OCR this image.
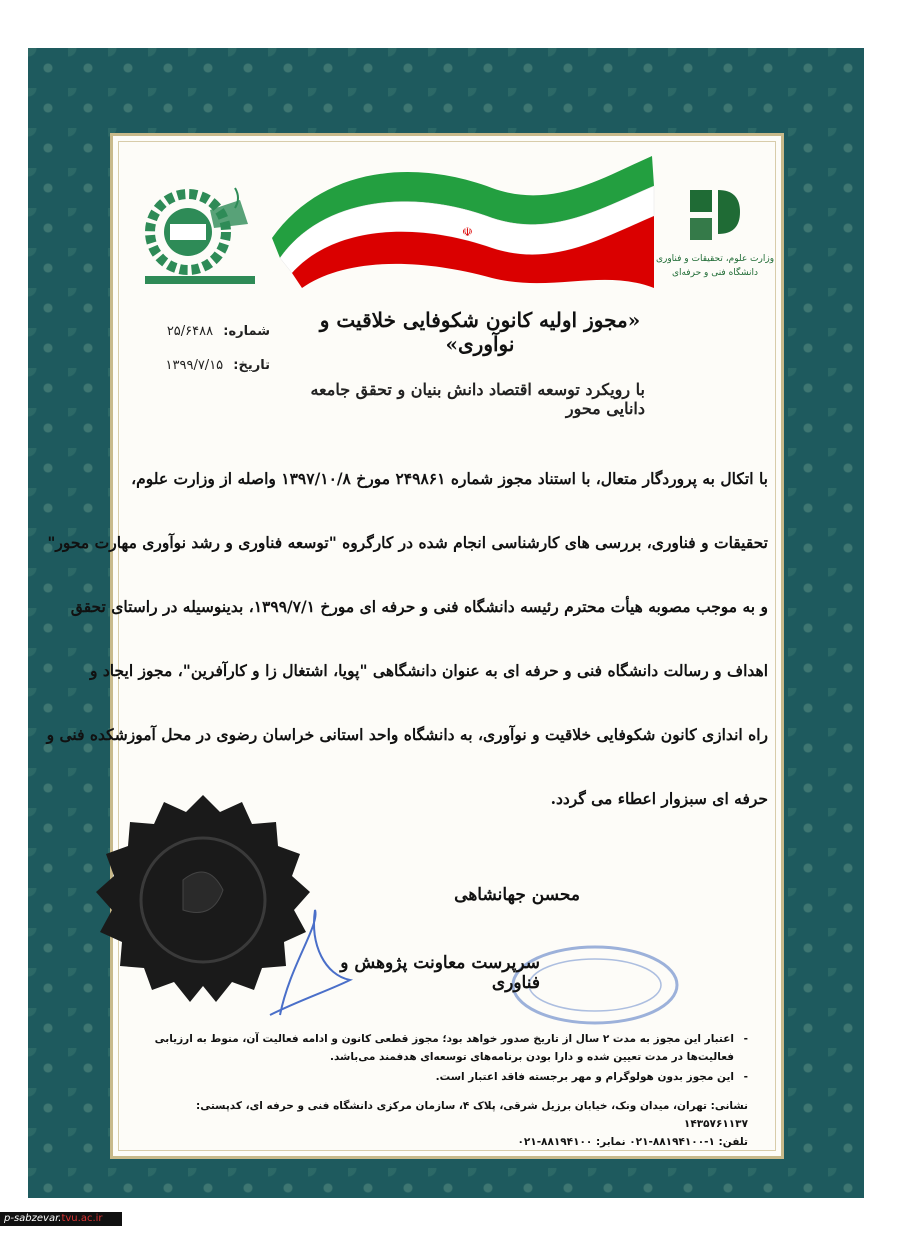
☫
وزارت علوم، تحقیقات و فناوری
دانشگاه فنی و حرفه‌ای
«مجوز اولیه کانون شکوفایی خلاقیت و نوآوری»
شماره: ۲۵/۶۴۸۸
تاریخ: ۱۳۹۹/۷/۱۵
با رویکرد توسعه اقتصاد دانش بنیان و تحقق جامعه دانایی محور

با اتکال به پروردگار متعال، با استناد مجوز شماره ۲۴۹۸۶۱ مورخ ۱۳۹۷/۱۰/۸ واصله از وزارت علوم،

تحقیقات و فناوری، بررسی های کارشناسی انجام شده در کارگروه "توسعه فناوری و رشد نوآوری مهارت محور"

و به موجب مصوبه هیأت محترم رئیسه دانشگاه فنی و حرفه ای مورخ ۱۳۹۹/۷/۱، بدینوسیله در راستای تحقق

اهداف و رسالت دانشگاه فنی و حرفه ای به عنوان دانشگاهی "پویا، اشتغال زا و کارآفرین"، مجوز ایجاد و

راه اندازی کانون شکوفایی خلاقیت و نوآوری، به دانشگاه واحد استانی خراسان رضوی در محل آموزشکده فنی و

حرفه ای سبزوار اعطاء می گردد.

محسن جهانشاهی
سرپرست معاونت پژوهش و فناوری
- اعتبار این مجوز به مدت ۲ سال از تاریخ صدور خواهد بود؛ مجوز قطعی کانون و ادامه فعالیت آن، منوط به ارزیابی فعالیت‌ها در مدت تعیین شده و دارا بودن برنامه‌های توسعه‌ای هدفمند می‌باشد.
- این مجوز بدون هولوگرام و مهر برجسته فاقد اعتبار است.
نشانی: تهران، میدان ونک، خیابان برزیل شرقی، پلاک ۴، سازمان مرکزی دانشگاه فنی و حرفه ای، کدپستی: ۱۴۳۵۷۶۱۱۳۷
تلفن: ۱-۸۸۱۹۴۱۰۰-۰۲۱ نمابر: ۸۸۱۹۴۱۰۰-۰۲۱
p-sabzevar.tvu.ac.ir
